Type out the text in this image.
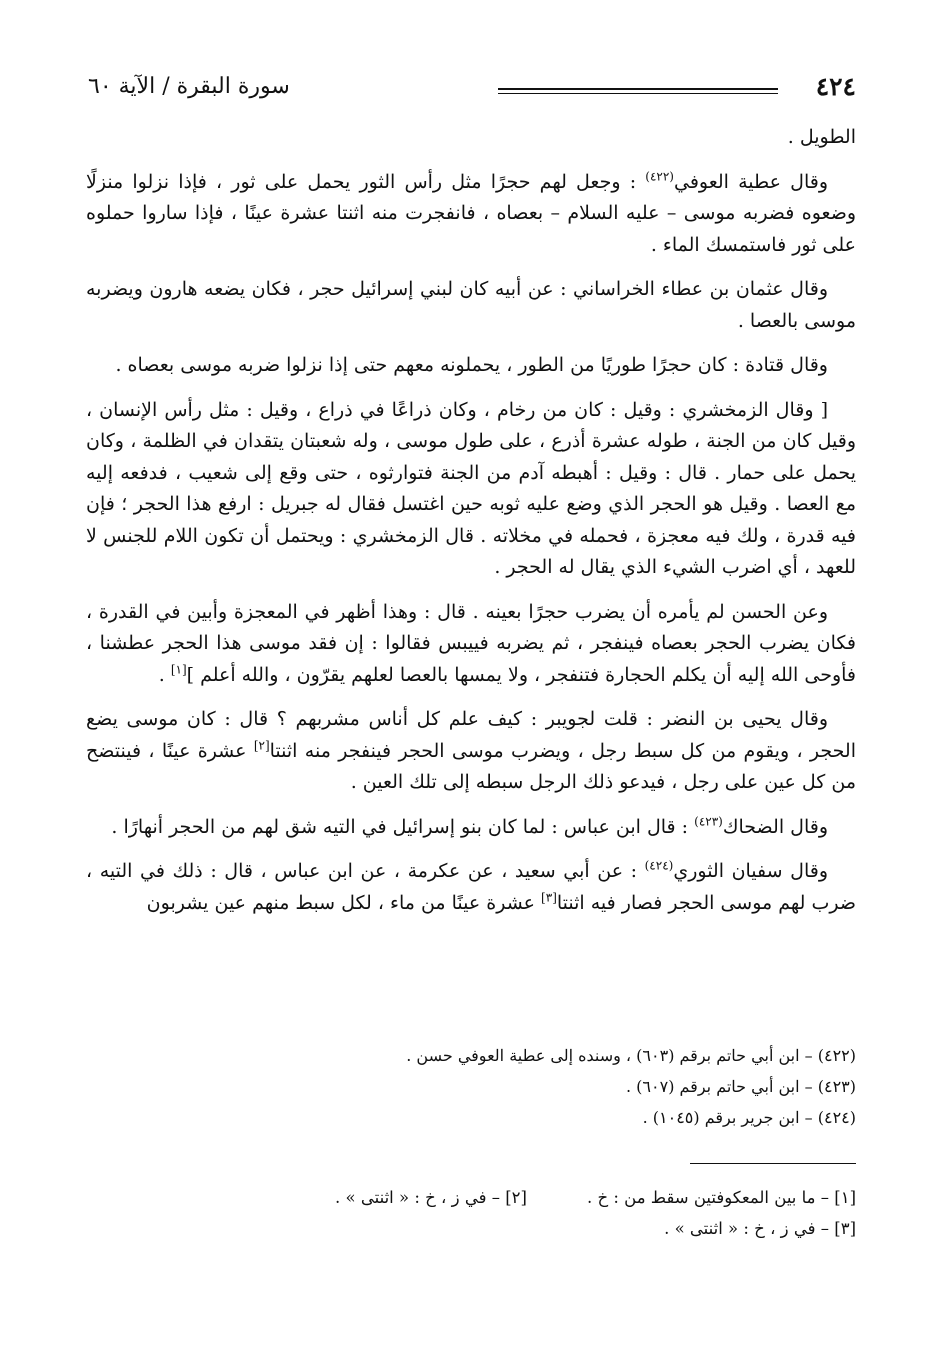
٤٢٤
سورة البقرة / الآية ٦٠

الطويل .

وقال عطية العوفي$^{(٤٢٢)}$ : وجعل لهم حجرًا مثل رأس الثور يحمل على ثور ، فإذا نزلوا منزلًا وضعوه فضربه موسى – عليه السلام – بعصاه ، فانفجرت منه اثنتا عشرة عينًا ، فإذا ساروا حملوه على ثور فاستمسك الماء .

وقال عثمان بن عطاء الخراساني : عن أبيه كان لبني إسرائيل حجر ، فكان يضعه هارون ويضربه موسى بالعصا .

وقال قتادة : كان حجرًا طوريًا من الطور ، يحملونه معهم حتى إذا نزلوا ضربه موسى بعصاه .

[ وقال الزمخشري : وقيل : كان من رخام ، وكان ذراعًا في ذراع ، وقيل : مثل رأس الإنسان ، وقيل كان من الجنة ، طوله عشرة أذرع ، على طول موسى ، وله شعبتان يتقدان في الظلمة ، وكان يحمل على حمار . قال : وقيل : أهبطه آدم من الجنة فتوارثوه ، حتى وقع إلى شعيب ، فدفعه إليه مع العصا . وقيل هو الحجر الذي وضع عليه ثوبه حين اغتسل فقال له جبريل : ارفع هذا الحجر ؛ فإن فيه قدرة ، ولك فيه معجزة ، فحمله في مخلاته . قال الزمخشري : ويحتمل أن تكون اللام للجنس لا للعهد ، أي اضرب الشيء الذي يقال له الحجر .

وعن الحسن لم يأمره أن يضرب حجرًا بعينه . قال : وهذا أظهر في المعجزة وأبين في القدرة ، فكان يضرب الحجر بعصاه فينفجر ، ثم يضربه فييبس فقالوا : إن فقد موسى هذا الحجر عطشنا ، فأوحى الله إليه أن يكلم الحجارة فتنفجر ، ولا يمسها بالعصا لعلهم يقرّون ، والله أعلم ][١] .

وقال يحيى بن النضر : قلت لجويبر : كيف علم كل أناس مشربهم ؟ قال : كان موسى يضع الحجر ، ويقوم من كل سبط رجل ، ويضرب موسى الحجر فينفجر منه اثنتا[٢] عشرة عينًا ، فينتضح من كل عين على رجل ، فيدعو ذلك الرجل سبطه إلى تلك العين .

وقال الضحاك$^{(٤٢٣)}$ : قال ابن عباس : لما كان بنو إسرائيل في التيه شق لهم من الحجر أنهارًا .

وقال سفيان الثوري$^{(٤٢٤)}$ : عن أبي سعيد ، عن عكرمة ، عن ابن عباس ، قال : ذلك في التيه ، ضرب لهم موسى الحجر فصار فيه اثنتا[٣] عشرة عينًا من ماء ، لكل سبط منهم عين يشربون

(٤٢٢) – ابن أبي حاتم برقم (٦٠٣) ، وسنده إلى عطية العوفي حسن .
(٤٢٣) – ابن أبي حاتم برقم (٦٠٧) .
(٤٢٤) – ابن جرير برقم (١٠٤٥) .
[١] – ما بين المعكوفتين سقط من : خ .[٢] – في ز ، خ : « اثنتى » .
[٣] – في ز ، خ : « اثنتى » .
